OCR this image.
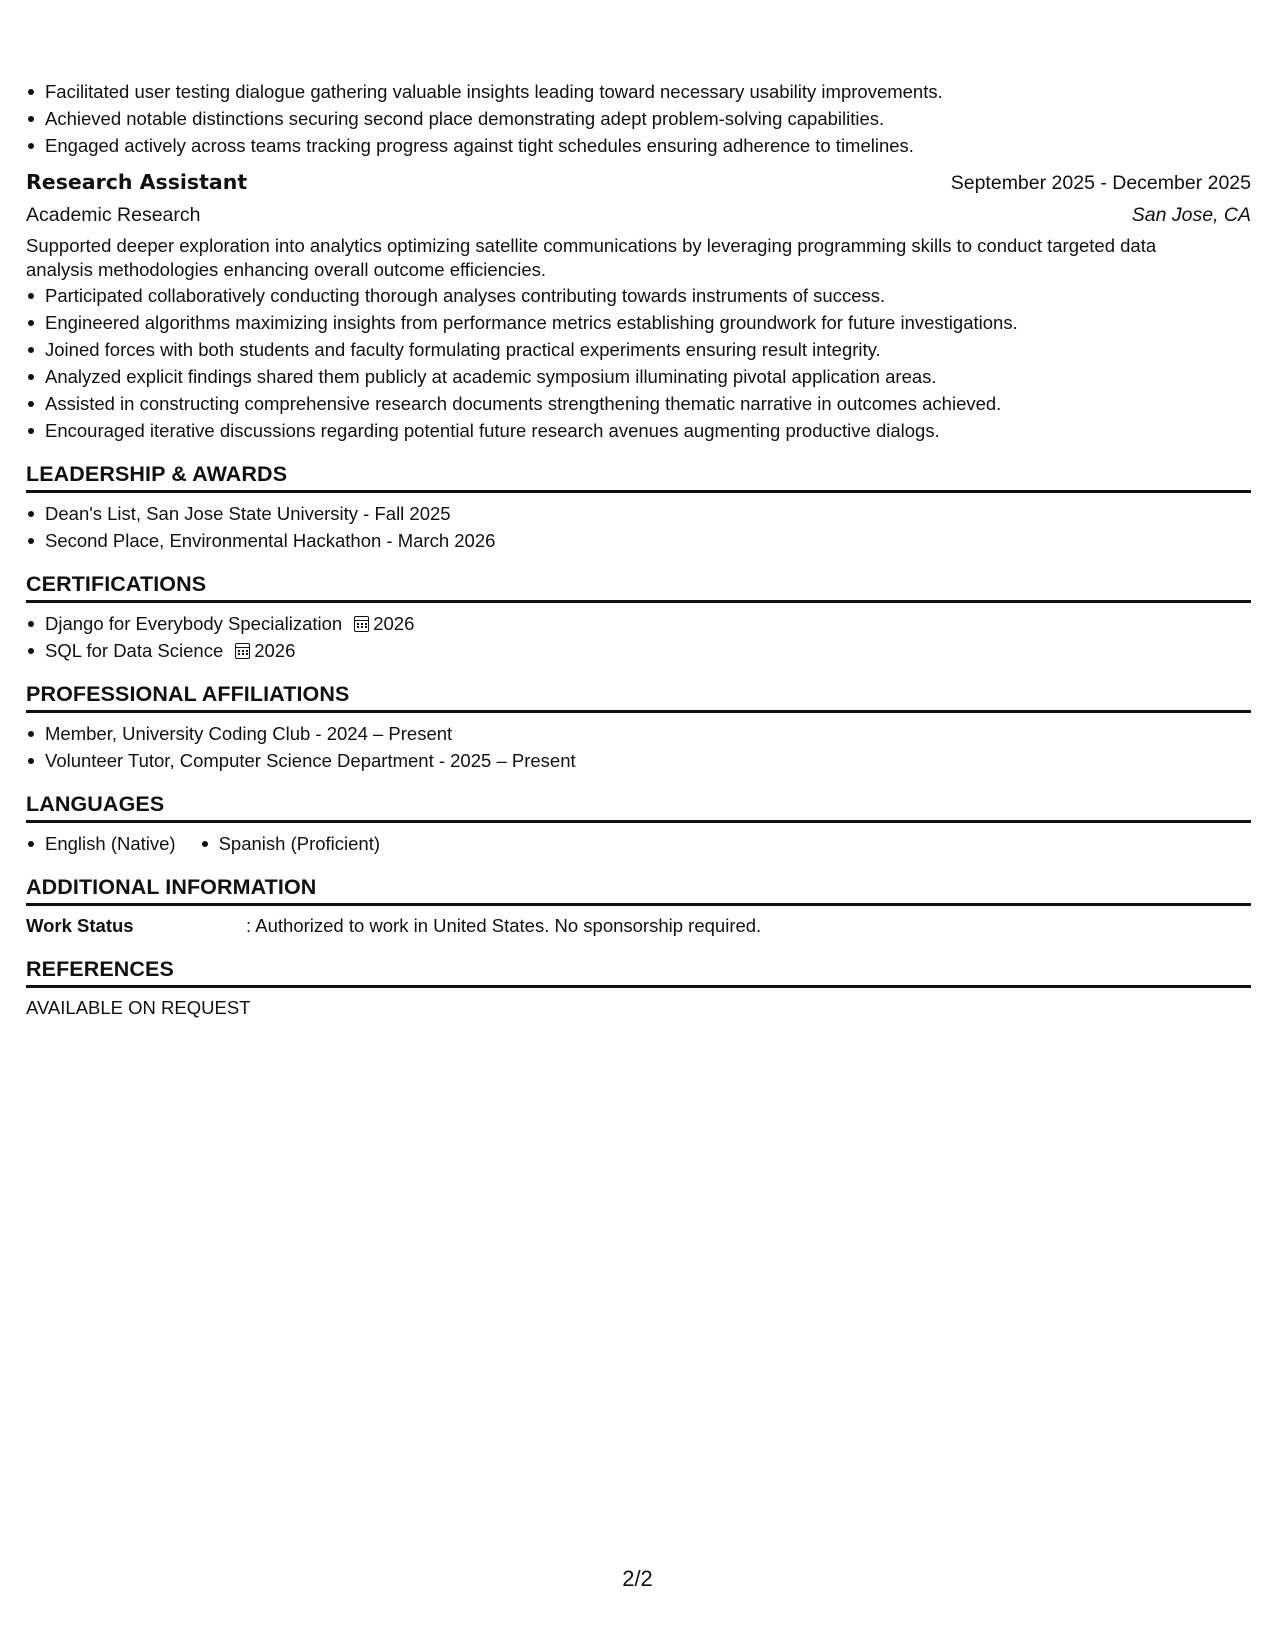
Facilitated user testing dialogue gathering valuable insights leading toward necessary usability improvements.
Achieved notable distinctions securing second place demonstrating adept problem-solving capabilities.
Engaged actively across teams tracking progress against tight schedules ensuring adherence to timelines.
Research Assistant	September 2025 - December 2025
Academic Research	San Jose, CA
Supported deeper exploration into analytics optimizing satellite communications by leveraging programming skills to conduct targeted data
analysis methodologies enhancing overall outcome efficiencies.
Participated collaboratively conducting thorough analyses contributing towards instruments of success.
Engineered algorithms maximizing insights from performance metrics establishing groundwork for future investigations.
Joined forces with both students and faculty formulating practical experiments ensuring result integrity.
Analyzed explicit findings shared them publicly at academic symposium illuminating pivotal application areas.
Assisted in constructing comprehensive research documents strengthening thematic narrative in outcomes achieved.
Encouraged iterative discussions regarding potential future research avenues augmenting productive dialogs.
LEADERSHIP & AWARDS
Dean's List, San Jose State University - Fall 2025
Second Place, Environmental Hackathon - March 2026
CERTIFICATIONS
Django for Everybody Specialization 2026
SQL for Data Science 2026
PROFESSIONAL AFFILIATIONS
Member, University Coding Club - 2024 – Present
Volunteer Tutor, Computer Science Department - 2025 – Present
LANGUAGES
English (Native)	Spanish (Proficient)
ADDITIONAL INFORMATION
Work Status	: Authorized to work in United States. No sponsorship required.
REFERENCES
AVAILABLE ON REQUEST
2/2
